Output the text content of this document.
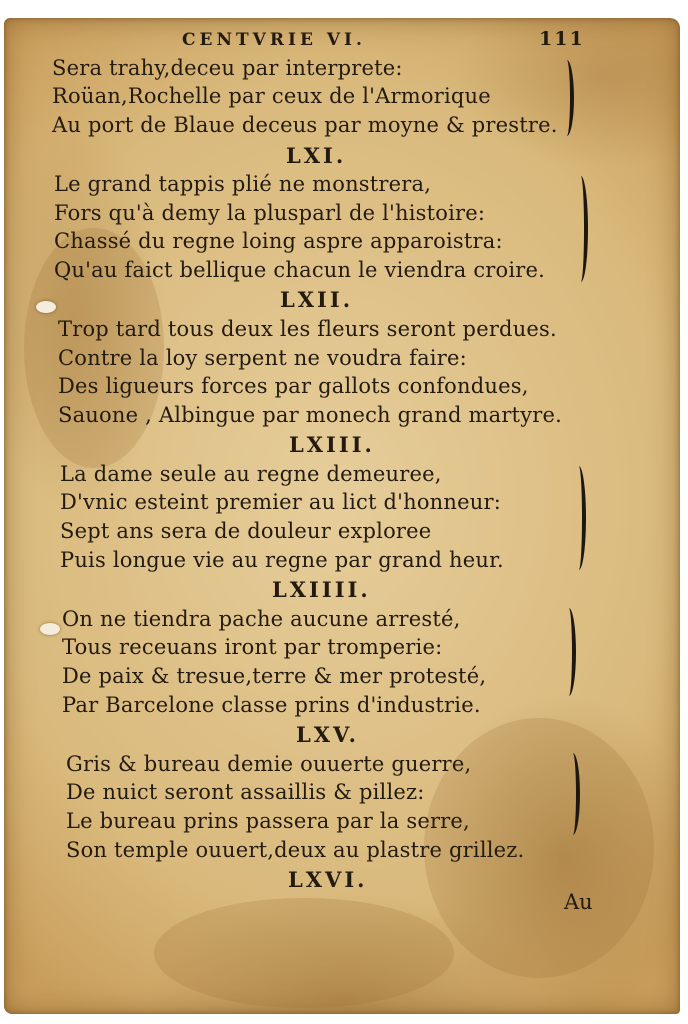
CENTVRIE VI.	111
Sera trahy,deceu par interprete:
Roüan,Rochelle par ceux de l'Armorique
Au port de Blaue deceus par moyne & prestre.
LXI.
Le grand tappis plié ne monstrera,
Fors qu'à demy la plusparl de l'histoire:
Chassé du regne loing aspre apparoistra:
Qu'au faict bellique chacun le viendra croire.
LXII.
Trop tard tous deux les fleurs seront perdues.
Contre la loy serpent ne voudra faire:
Des ligueurs forces par gallots confondues,
Sauone , Albingue par monech grand martyre.
LXIII.
La dame seule au regne demeuree,
D'vnic esteint premier au lict d'honneur:
Sept ans sera de douleur exploree
Puis longue vie au regne par grand heur.
LXIIII.
On ne tiendra pache aucune arresté,
Tous receuans iront par tromperie:
De paix & tresue,terre & mer protesté,
Par Barcelone classe prins d'industrie.
LXV.
Gris & bureau demie ouuerte guerre,
De nuict seront assaillis & pillez:
Le bureau prins passera par la serre,
Son temple ouuert,deux au plastre grillez.
LXVI.
Au
